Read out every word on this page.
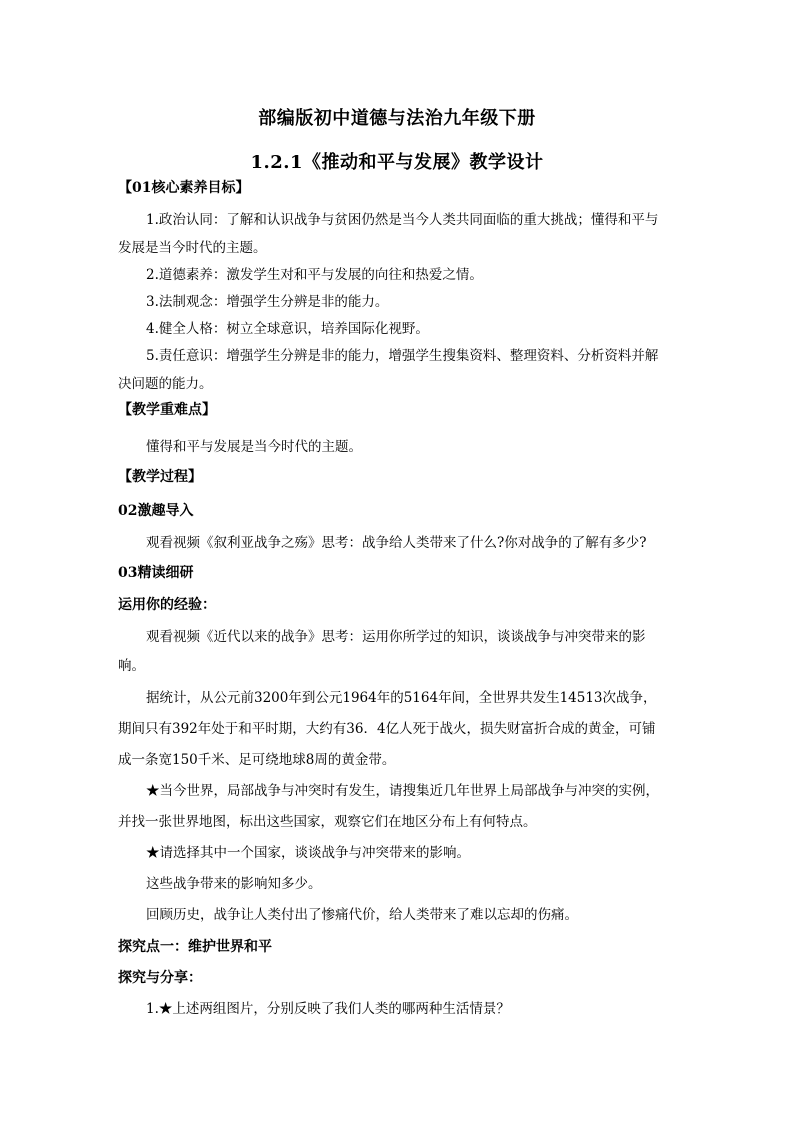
部编版初中道德与法治九年级下册
1.2.1《推动和平与发展》教学设计
【01核心素养目标】
1.政治认同：了解和认识战争与贫困仍然是当今人类共同面临的重大挑战；懂得和平与
发展是当今时代的主题。
2.道德素养：激发学生对和平与发展的向往和热爱之情。
3.法制观念：增强学生分辨是非的能力。
4.健全人格：树立全球意识，培养国际化视野。
5.责任意识：增强学生分辨是非的能力，增强学生搜集资料、整理资料、分析资料并解
决问题的能力。
【教学重难点】
懂得和平与发展是当今时代的主题。
【教学过程】
02激趣导入
观看视频《叙利亚战争之殇》思考：战争给人类带来了什么?你对战争的了解有多少?
03精读细研
运用你的经验：
观看视频《近代以来的战争》思考：运用你所学过的知识，谈谈战争与冲突带来的影
响。
据统计，从公元前3200年到公元1964年的5164年间，全世界共发生14513次战争，
期间只有392年处于和平时期，大约有36．4亿人死于战火，损失财富折合成的黄金，可铺
成一条宽150千米、足可绕地球8周的黄金带。
★当今世界，局部战争与冲突时有发生，请搜集近几年世界上局部战争与冲突的实例，
并找一张世界地图，标出这些国家，观察它们在地区分布上有何特点。
★请选择其中一个国家，谈谈战争与冲突带来的影响。
这些战争带来的影响知多少。
回顾历史，战争让人类付出了惨痛代价，给人类带来了难以忘却的伤痛。
探究点一：维护世界和平
探究与分享：
1.★上述两组图片，分别反映了我们人类的哪两种生活情景？
